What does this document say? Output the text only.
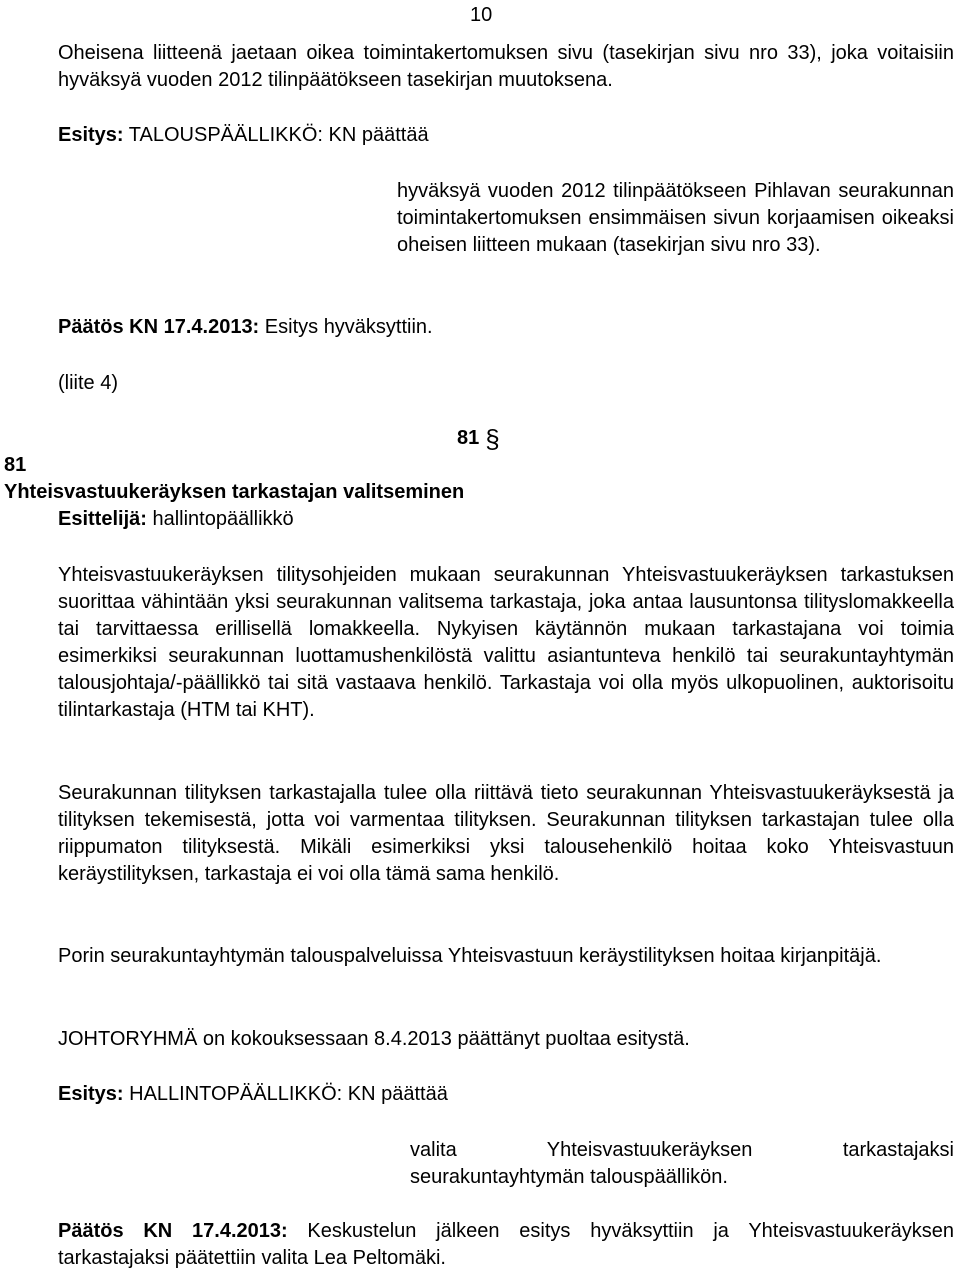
10

Oheisena liitteenä jaetaan oikea toimintakertomuksen sivu (tasekirjan sivu nro 33), joka voitaisiin hyväksyä vuoden 2012 tilinpäätökseen tasekirjan muutoksena.

Esitys: TALOUSPÄÄLLIKKÖ: KN päättää

hyväksyä vuoden 2012 tilinpäätökseen Pihlavan seurakunnan toimintakertomuksen ensimmäisen sivun korjaamisen oikeaksi oheisen liitteen mukaan (tasekirjan sivu nro 33).

Päätös KN 17.4.2013: Esitys hyväksyttiin.
(liite 4)
81 §
81
Yhteisvastuukeräyksen tarkastajan valitseminen
Esittelijä: hallintopäällikkö

Yhteisvastuukeräyksen tilitysohjeiden mukaan seurakunnan Yhteisvastuukeräyksen tarkastuksen suorittaa vähintään yksi seurakunnan valitsema tarkastaja, joka antaa lausuntonsa tilityslomakkeella tai tarvittaessa erillisellä lomakkeella. Nykyisen käytännön mukaan tarkastajana voi toimia esimerkiksi seurakunnan luottamushenkilöstä valittu asiantunteva henkilö tai seurakuntayhtymän talousjohtaja/-päällikkö tai sitä vastaava henkilö. Tarkastaja voi olla myös ulkopuolinen, auktorisoitu tilintarkastaja (HTM tai KHT).

Seurakunnan tilityksen tarkastajalla tulee olla riittävä tieto seurakunnan Yhteisvastuukeräyksestä ja tilityksen tekemisestä, jotta voi varmentaa tilityksen. Seurakunnan tilityksen tarkastajan tulee olla riippumaton tilityksestä. Mikäli esimerkiksi yksi talousehenkilö hoitaa koko Yhteisvastuun keräystilityksen, tarkastaja ei voi olla tämä sama henkilö.

Porin seurakuntayhtymän talouspalveluissa Yhteisvastuun keräystilityksen hoitaa kirjanpitäjä.

JOHTORYHMÄ on kokouksessaan 8.4.2013 päättänyt puoltaa esitystä.

Esitys: HALLINTOPÄÄLLIKKÖ: KN päättää

valita Yhteisvastuukeräyksen tarkastajaksi seurakuntayhtymän talouspäällikön.

Päätös KN 17.4.2013: Keskustelun jälkeen esitys hyväksyttiin ja Yhteisvastuukeräyksen tarkastajaksi päätettiin valita Lea Peltomäki.
